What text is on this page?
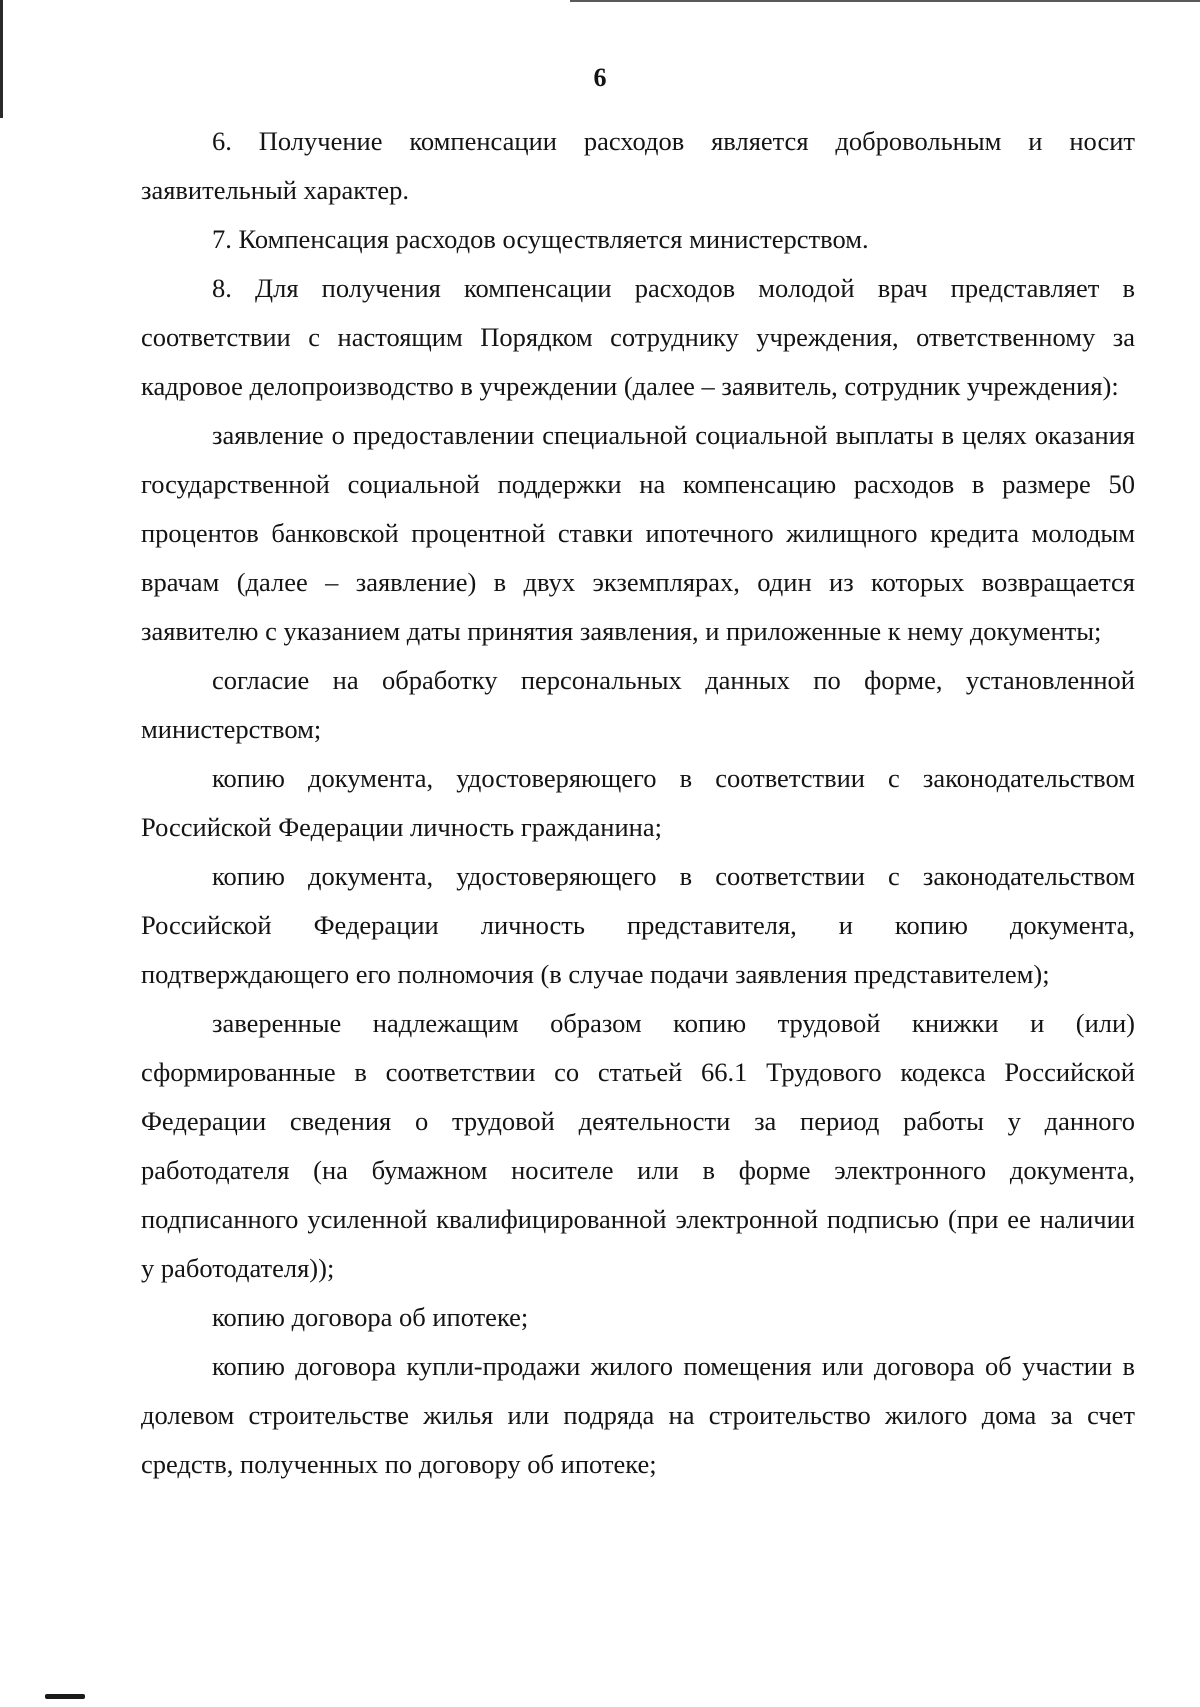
6

6. Получение компенсации расходов является добровольным и носит заявительный характер.

7. Компенсация расходов осуществляется министерством.

8. Для получения компенсации расходов молодой врач представляет в соответствии с настоящим Порядком сотруднику учреждения, ответственному за кадровое делопроизводство в учреждении (далее – заявитель, сотрудник учреждения):

заявление о предоставлении специальной социальной выплаты в целях оказания государственной социальной поддержки на компенсацию расходов в размере 50 процентов банковской процентной ставки ипотечного жилищного кредита молодым врачам (далее – заявление) в двух экземплярах, один из которых возвращается заявителю с указанием даты принятия заявления, и приложенные к нему документы;

согласие на обработку персональных данных по форме, установленной министерством;

копию документа, удостоверяющего в соответствии с законодательством Российской Федерации личность гражданина;

копию документа, удостоверяющего в соответствии с законодательством Российской Федерации личность представителя, и копию документа, подтверждающего его полномочия (в случае подачи заявления представителем);

заверенные надлежащим образом копию трудовой книжки и (или) сформированные в соответствии со статьей 66.1 Трудового кодекса Российской Федерации сведения о трудовой деятельности за период работы у данного работодателя (на бумажном носителе или в форме электронного документа, подписанного усиленной квалифицированной электронной подписью (при ее наличии у работодателя));

копию договора об ипотеке;

копию договора купли-продажи жилого помещения или договора об участии в долевом строительстве жилья или подряда на строительство жилого дома за счет средств, полученных по договору об ипотеке;
